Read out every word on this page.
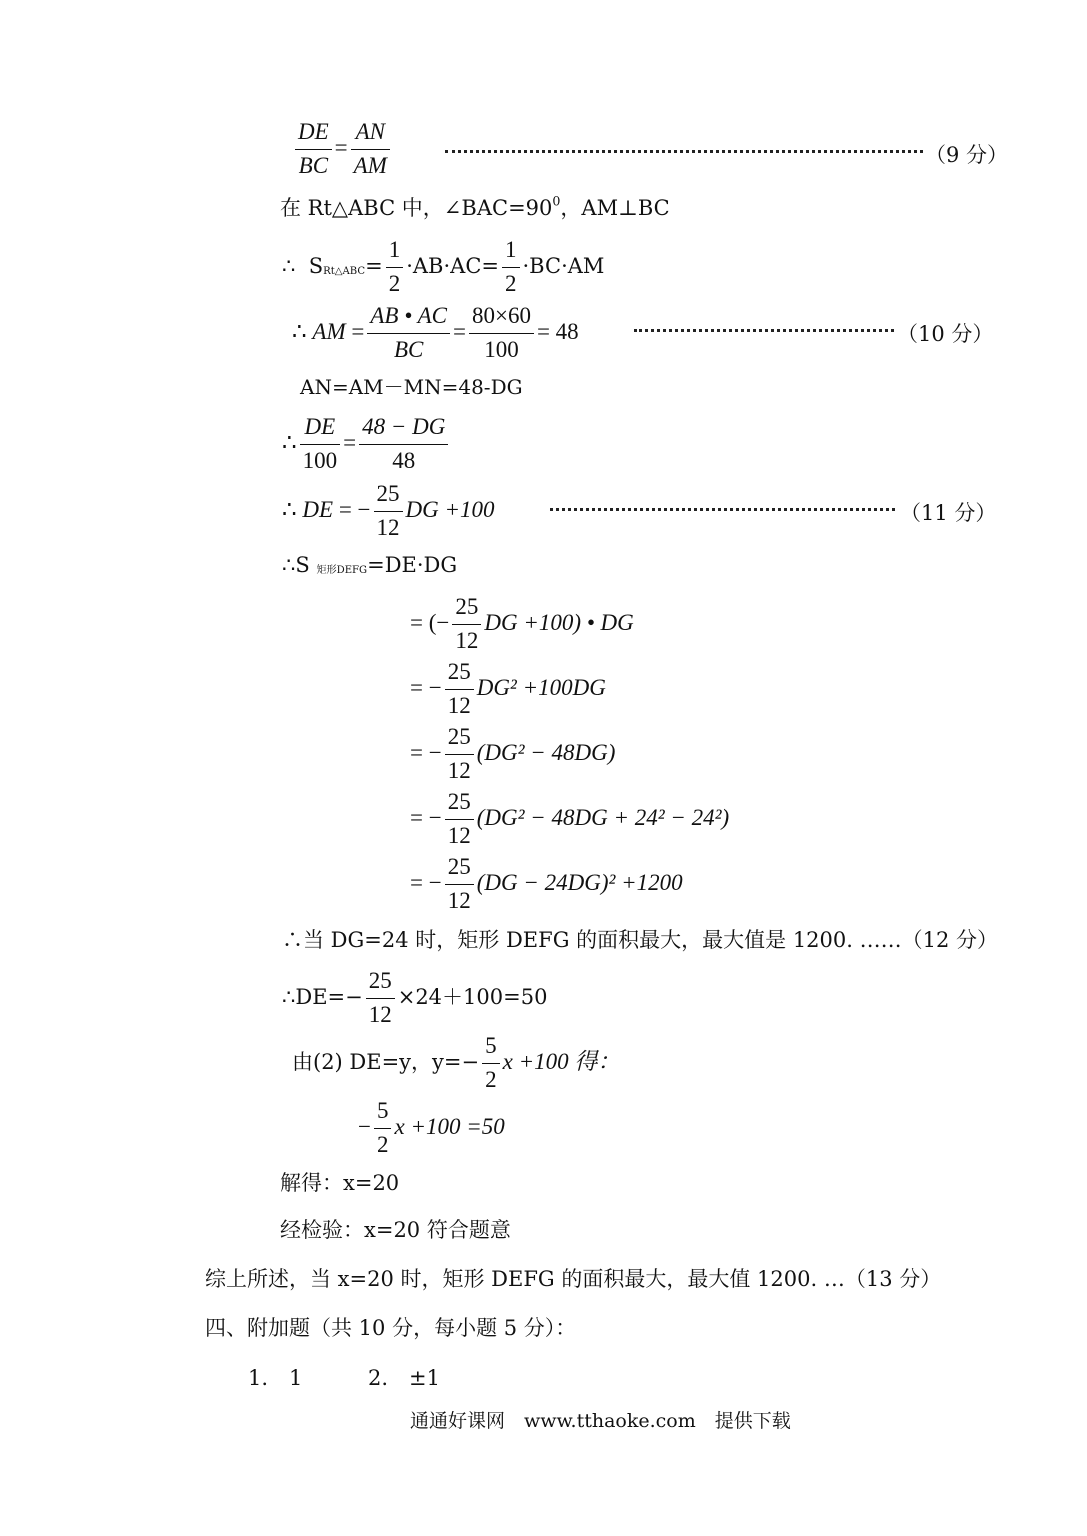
$\frac{DE}{BC} = \frac{AN}{AM}$	（9 分）
在 Rt△ABC 中，$\angle BAC=90^0$，AM⊥BC
∴ SRt△ABC= $\frac{1}{2} \cdot AB\cdot AC= \frac{1}{2} \cdot BC\cdot AM$
∴ AM = $\frac{AB • AC}{BC} = \frac{80\times 60}{100} = 48$	（10 分）
AN=AM－MN=48-DG
∴ $\frac{DE}{100} = \frac{48 - DG}{48}$
∴ DE = − $\frac{25}{12}$ DG +100	（11 分）
∴S 矩形DEFG=DE·DG
= (− $\frac{25}{12}$ DG +100) • DG
= − $\frac{25}{12} DG^2 +100DG$
= − $\frac{25}{12} (DG^2 - 48DG)$
= − $\frac{25}{12} (DG^2 - 48DG + 24^2 - 24^2)$
= − $\frac{25}{12} (DG - 24DG)^2 +1200$
∴当 DG=24 时，矩形 DEFG 的面积最大，最大值是 1200. ……（12 分）
∴DE=− $\frac{25}{12} \times 24+100=50$
由(2) DE=y，$y=- \frac{5}{2}$ x +100 得：
− $\frac{5}{2}$ x +100 =50
解得：x=20
经检验：x=20 符合题意
综上所述，当 x=20 时，矩形 DEFG 的面积最大，最大值 1200. …（13 分）
四、附加题（共 10 分，每小题 5 分）：
1.　1	2.　±1
通通好课网　www.tthaoke.com　提供下载
